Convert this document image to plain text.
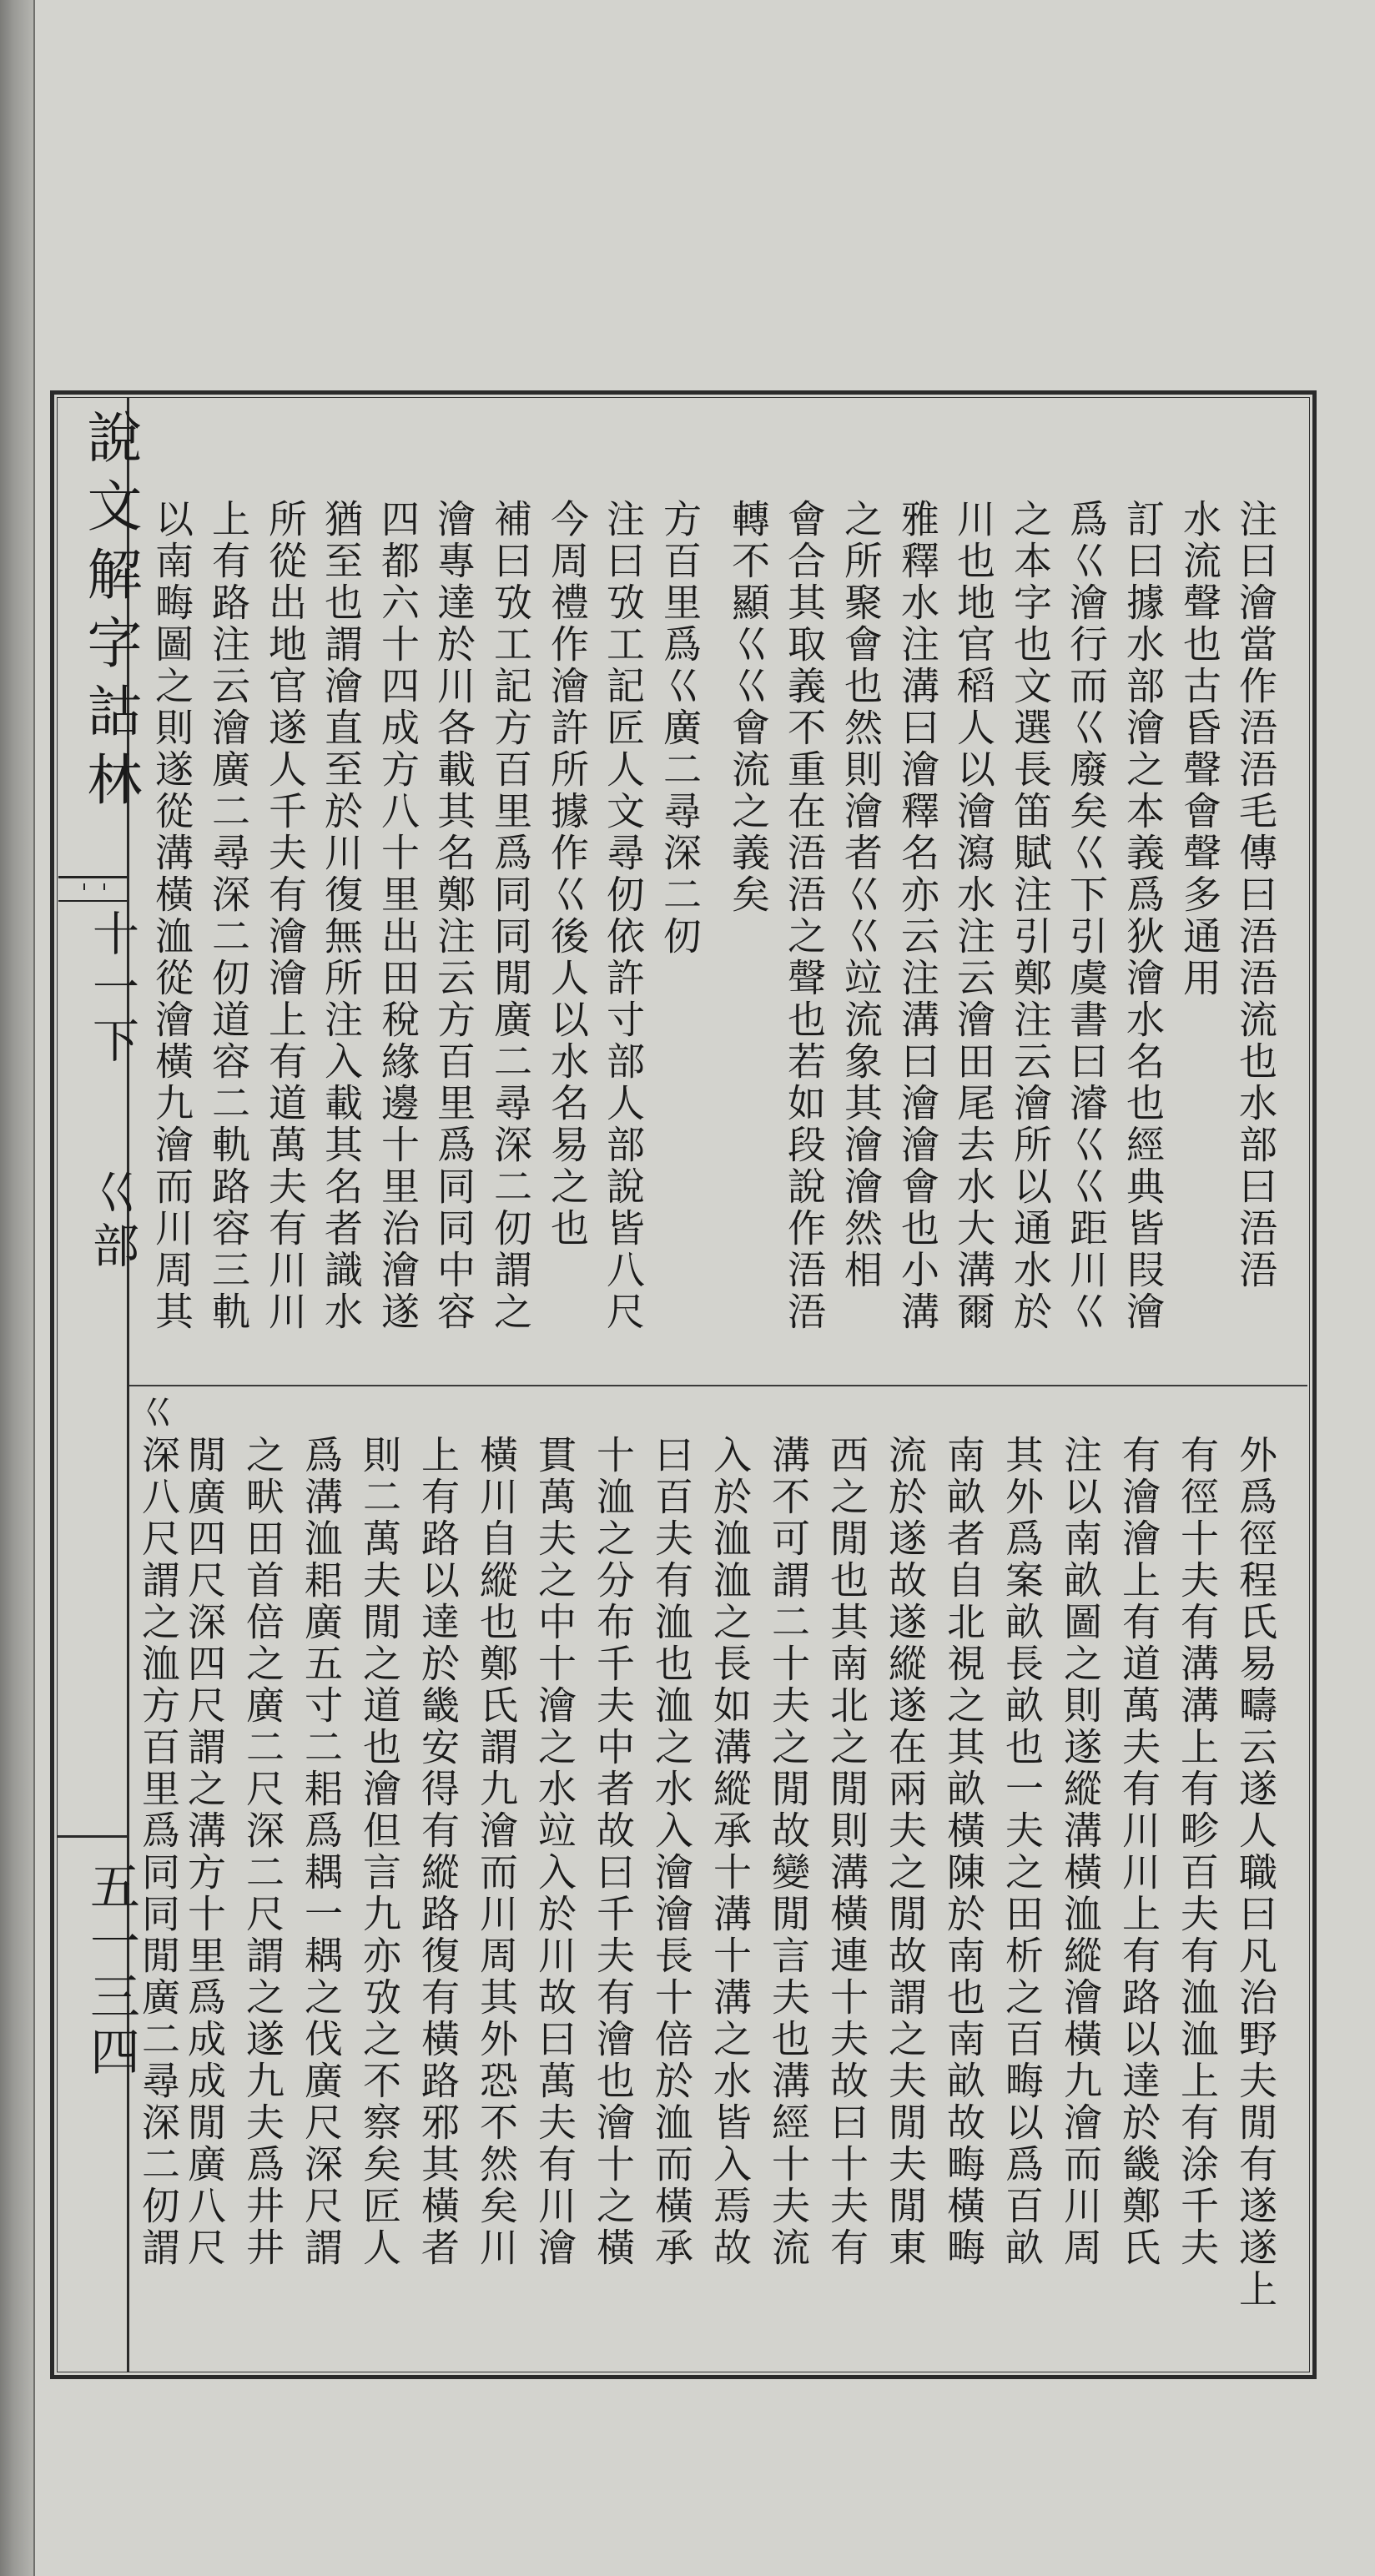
說文解字詁林
十一下
巜部
五一三四
巜
注曰澮當作浯浯毛傳曰浯浯流也水部曰浯浯
水流聲也古昏聲會聲多通用
訂曰據水部澮之本義爲狄澮水名也經典皆叚澮
爲巜澮行而巜廢矣巜下引虞書曰濬巜巜距川巜
之本字也文選長笛賦注引鄭注云澮所以通水於
川也地官稻人以澮瀉水注云澮田尾去水大溝爾
雅釋水注溝曰澮釋名亦云注溝曰澮澮會也小溝
之所聚會也然則澮者巜巜竝流象其澮澮然相
會合其取義不重在浯浯之聲也若如段說作浯浯
轉不顯巜巜會流之義矣
方百里爲巜廣二尋深二仞
注曰攷工記匠人文尋仞依許寸部人部說皆八尺
今周禮作澮許所據作巜後人以水名易之也
補曰攷工記方百里爲同同閒廣二尋深二仞謂之
澮專達於川各載其名鄭注云方百里爲同同中容
四都六十四成方八十里出田稅緣邊十里治澮遂
猶至也謂澮直至於川復無所注入載其名者識水
所從出地官遂人千夫有澮澮上有道萬夫有川川
上有路注云澮廣二尋深二仞道容二軌路容三軌
以南畮圖之則遂從溝橫洫從澮橫九澮而川周其
外爲徑程氏易疇云遂人職曰凡治野夫閒有遂遂上
有徑十夫有溝溝上有畛百夫有洫洫上有涂千夫
有澮澮上有道萬夫有川川上有路以達於畿鄭氏
注以南畝圖之則遂縱溝橫洫縱澮橫九澮而川周
其外爲案畝長畝也一夫之田析之百畮以爲百畝
南畝者自北視之其畝橫陳於南也南畝故畮橫畮
流於遂故遂縱遂在兩夫之閒故謂之夫閒夫閒東
西之閒也其南北之閒則溝橫連十夫故曰十夫有
溝不可謂二十夫之閒故變閒言夫也溝經十夫流
入於洫洫之長如溝縱承十溝十溝之水皆入焉故
曰百夫有洫也洫之水入澮澮長十倍於洫而橫承
十洫之分布千夫中者故曰千夫有澮也澮十之橫
貫萬夫之中十澮之水竝入於川故曰萬夫有川澮
橫川自縱也鄭氏謂九澮而川周其外恐不然矣川
上有路以達於畿安得有縱路復有橫路邪其橫者
則二萬夫閒之道也澮但言九亦攷之不察矣匠人
爲溝洫耜廣五寸二耜爲耦一耦之伐廣尺深尺謂
之畎田首倍之廣二尺深二尺謂之遂九夫爲井井
閒廣四尺深四尺謂之溝方十里爲成成閒廣八尺
深八尺謂之洫方百里爲同同閒廣二尋深二仞謂
